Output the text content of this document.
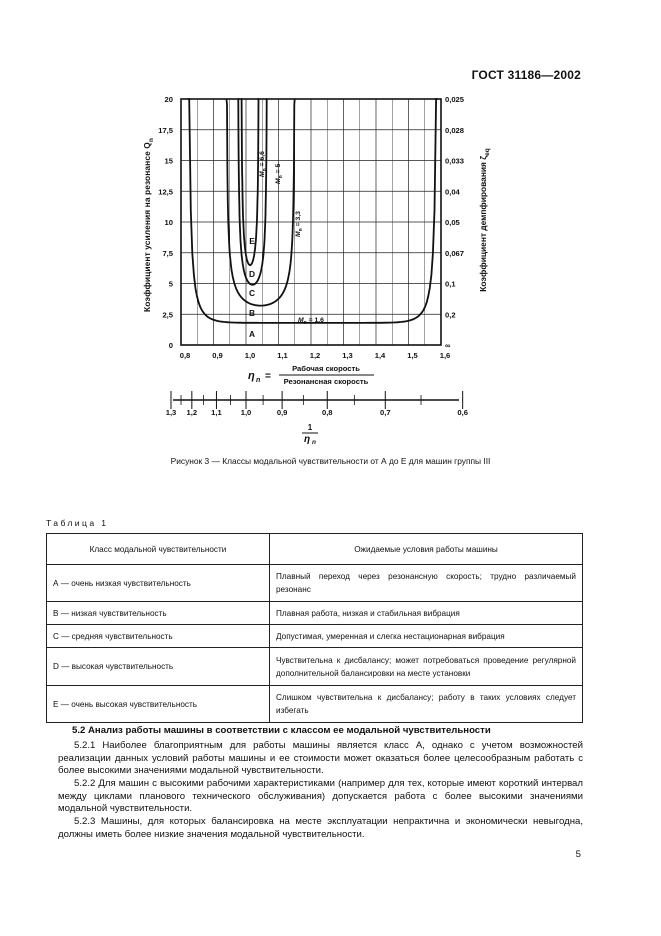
ГОСТ 31186—2002
0,8	0,9	1,0	1,1	1,2	1,3	1,4	1,5	1,6
0	∞
2,5	0,2
5	0,1
7,5	0,067
10	0,05
12,5	0,04
15	0,033
17,5	0,028
20	0,025
Коэффициент усиления на резонансе $Q_n$
Коэффициент демпфирования $\zeta_{eq}$
η n =
Рабочая скорость
Резонансная скорость
1,3 1,2 1,1 1,0	0,9	0,8	0,7	0,6
1
η n
A
B
C
D
E
$M_n = 1,6$
$M_n = 3,3$
$M_n = 5$
$M_n = 6,6$
Рисунок 3 — Классы модальной чувствительности от А до Е для машин группы III
Таблица 1
Класс модальной чувствительности	Ожидаемые условия работы машины
А — очень низкая чувствительность	Плавный переход через резонансную скорость; трудно различаемый резонанс
В — низкая чувствительность	Плавная работа, низкая и стабильная вибрация
С — средняя чувствительность	Допустимая, умеренная и слегка нестационарная вибрация
D — высокая чувствительность	Чувствительна к дисбалансу; может потребоваться проведение регулярной дополнительной балансировки на месте установки
Е — очень высокая чувствительность	Слишком чувствительна к дисбалансу; работу в таких условиях следует избегать
5.2 Анализ работы машины в соответствии с классом ее модальной чувствительности
5.2.1 Наиболее благоприятным для работы машины является класс А, однако с учетом возможностей реализации данных условий работы машины и ее стоимости может оказаться более целесообразным работать с более высокими значениями модальной чувствительности.
5.2.2 Для машин с высокими рабочими характеристиками (например для тех, которые имеют короткий интервал между циклами планового технического обслуживания) допускается работа с более высокими значениями модальной чувствительности.
5.2.3 Машины, для которых балансировка на месте эксплуатации непрактична и экономически невыгодна, должны иметь более низкие значения модальной чувствительности.
5
